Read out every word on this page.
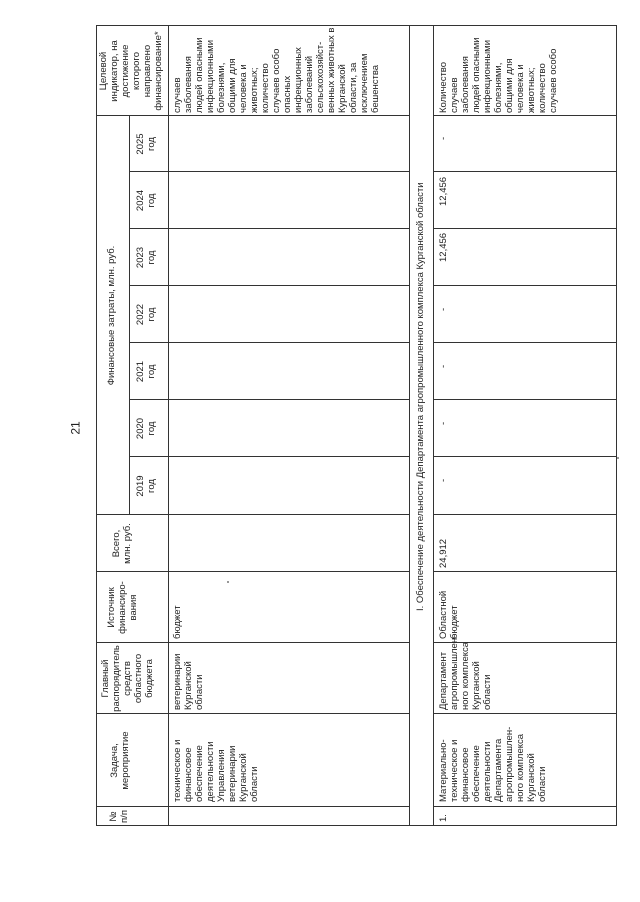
21
№
п/п
Задача,
мероприятие
Главный
распорядитель
средств
областного
бюджета
Источник
финансиро-
вания
Всего,
млн. руб.
Финансовые затраты, млн. руб.
2019
год
2020
год
2021
год
2022
год
2023
год
2024
год
2025
год
Целевой
индикатор, на
достижение
которого
направлено
финансирование*
техническое и
финансовое
обеспечение
деятельности
Управления
ветеринарии
Курганской
области
ветеринарии
Курганской
области
бюджет
случаев
заболевания
людей опасными
инфекционными
болезнями,
общими для
человека и
животных;
количество
случаев особо
опасных
инфекционных
заболеваний
сельскохозяйст-
венных животных в
Курганской
области, за
исключением
бешенства
I. Обеспечение деятельности Департамента агропромышленного комплекса Курганской области
1.
Материально-
техническое и
финансовое
обеспечение
деятельности
Департамента
агропромышлен-
ного комплекса
Курганской
области
Департамент
агропромышлен-
ного комплекса
Курганской
области
Областной
бюджет
24,912
-
-
-
-
12,456
12,456
-
Количество
случаев
заболевания
людей опасными
инфекционными
болезнями,
общими для
человека и
животных;
количество
случаев особо
